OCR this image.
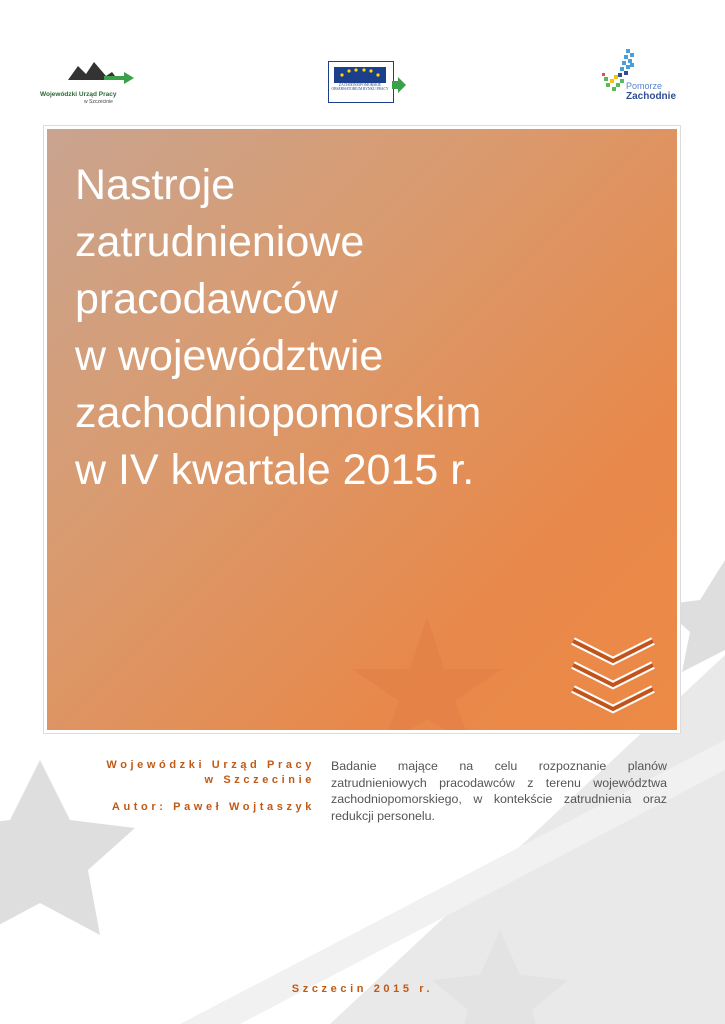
Wojewódzki Urząd Pracy
w Szczecinie
ZACHODNIOPOMORSKIE OBSERWATORIUM RYNKU PRACY	Pomorze
Zachodnie
Nastroje
zatrudnieniowe
pracodawców
w województwie
zachodniopomorskim
w IV kwartale 2015 r.
Wojewódzki Urząd Pracy
w Szczecinie
Autor: Paweł Wojtaszyk

Badanie mające na celu rozpoznanie planów zatrudnieniowych pracodawców z terenu województwa zachodniopomorskiego, w kontekście zatrudnienia oraz redukcji personelu.

Szczecin 2015 r.
